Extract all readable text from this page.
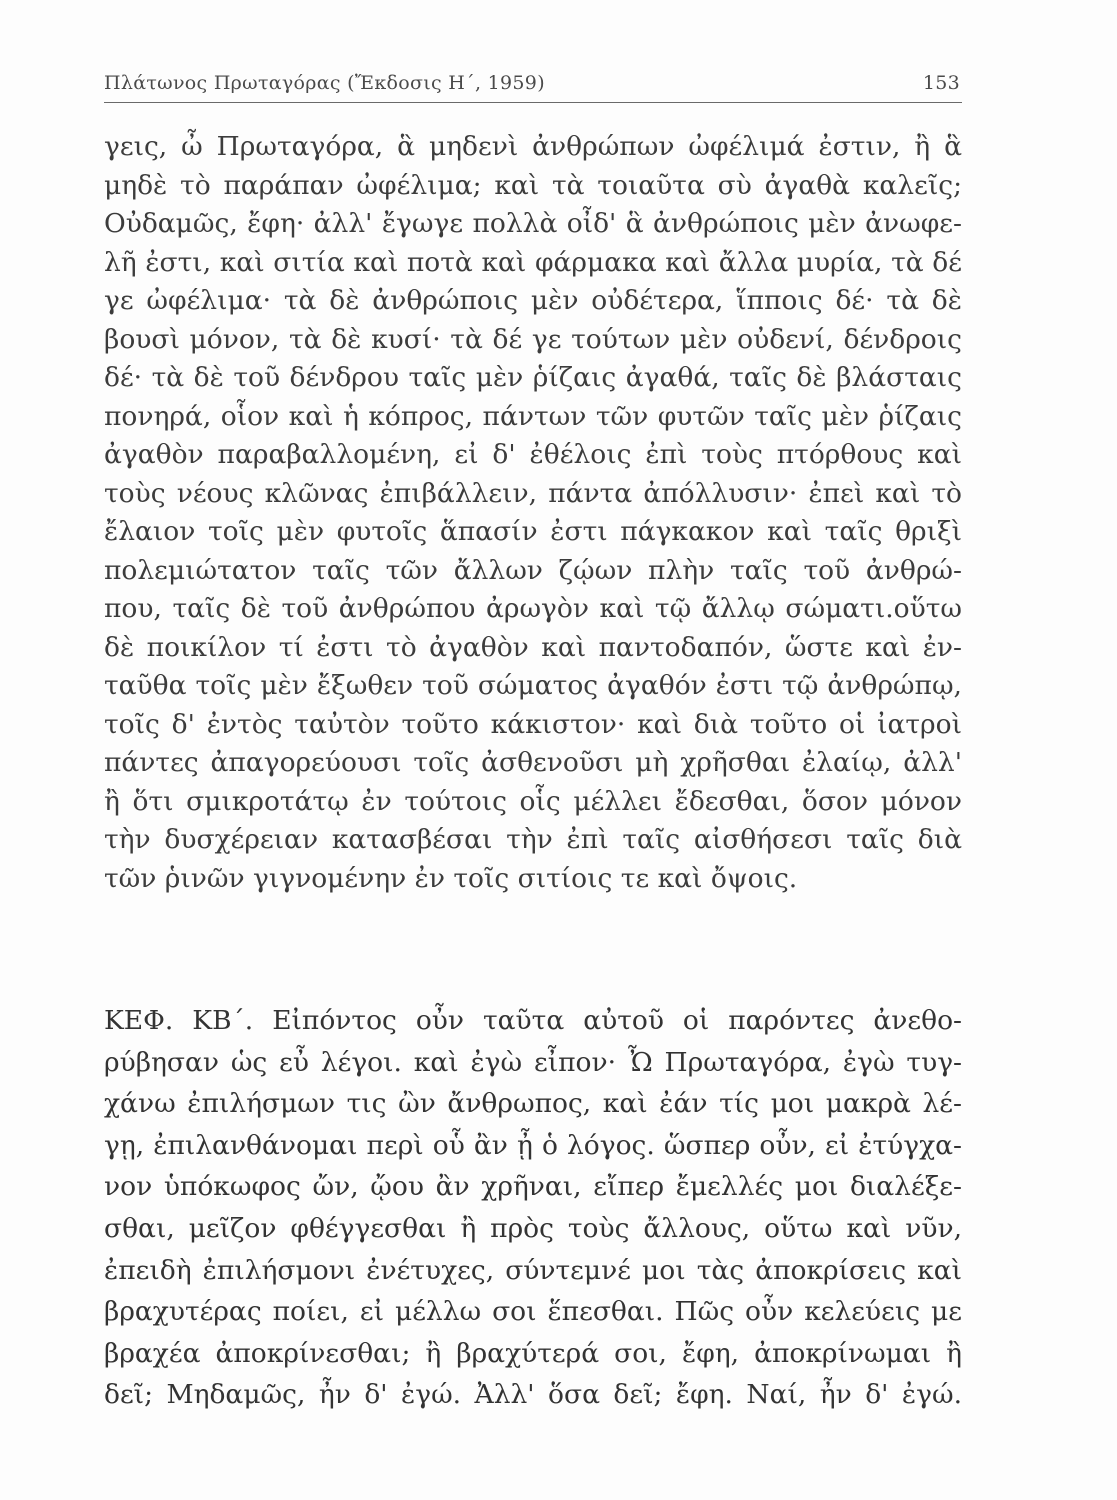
Πλάτωνος Πρωταγόρας (Ἔκδοσις Η΄, 1959)	153
γεις, ὦ Πρωταγόρα, ἃ μηδενὶ ἀνθρώπων ὠφέλιμά ἐστιν, ἢ ἃ
μηδὲ τὸ παράπαν ὠφέλιμα; καὶ τὰ τοιαῦτα σὺ ἀγαθὰ καλεῖς;
Οὐδαμῶς, ἔφη· ἀλλ' ἔγωγε πολλὰ οἶδ' ἃ ἀνθρώποις μὲν ἀνωφε-
λῆ ἐστι, καὶ σιτία καὶ ποτὰ καὶ φάρμακα καὶ ἄλλα μυρία, τὰ δέ
γε ὠφέλιμα· τὰ δὲ ἀνθρώποις μὲν οὐδέτερα, ἵπποις δέ· τὰ δὲ
βουσὶ μόνον, τὰ δὲ κυσί· τὰ δέ γε τούτων μὲν οὐδενί, δένδροις
δέ· τὰ δὲ τοῦ δένδρου ταῖς μὲν ῥίζαις ἀγαθά, ταῖς δὲ βλάσταις
πονηρά, οἷον καὶ ἡ κόπρος, πάντων τῶν φυτῶν ταῖς μὲν ῥίζαις
ἀγαθὸν παραβαλλομένη, εἰ δ' ἐθέλοις ἐπὶ τοὺς πτόρθους καὶ
τοὺς νέους κλῶνας ἐπιβάλλειν, πάντα ἀπόλλυσιν· ἐπεὶ καὶ τὸ
ἔλαιον τοῖς μὲν φυτοῖς ἅπασίν ἐστι πάγκακον καὶ ταῖς θριξὶ
πολεμιώτατον ταῖς τῶν ἄλλων ζῴων πλὴν ταῖς τοῦ ἀνθρώ-
που, ταῖς δὲ τοῦ ἀνθρώπου ἀρωγὸν καὶ τῷ ἄλλῳ σώματι.οὕτω
δὲ ποικίλον τί ἐστι τὸ ἀγαθὸν καὶ παντοδαπόν, ὥστε καὶ ἐν-
ταῦθα τοῖς μὲν ἔξωθεν τοῦ σώματος ἀγαθόν ἐστι τῷ ἀνθρώπῳ,
τοῖς δ' ἐντὸς ταὐτὸν τοῦτο κάκιστον· καὶ διὰ τοῦτο οἱ ἰατροὶ
πάντες ἀπαγορεύουσι τοῖς ἀσθενοῦσι μὴ χρῆσθαι ἐλαίῳ, ἀλλ'
ἢ ὅτι σμικροτάτῳ ἐν τούτοις οἷς μέλλει ἔδεσθαι, ὅσον μόνον
τὴν δυσχέρειαν κατασβέσαι τὴν ἐπὶ ταῖς αἰσθήσεσι ταῖς διὰ
τῶν ῥινῶν γιγνομένην ἐν τοῖς σιτίοις τε καὶ ὄψοις.
ΚΕΦ. ΚΒ΄. Εἰπόντος οὖν ταῦτα αὐτοῦ οἱ παρόντες ἀνεθο-
ρύβησαν ὡς εὖ λέγοι. καὶ ἐγὼ εἶπον· Ὦ Πρωταγόρα, ἐγὼ τυγ-
χάνω ἐπιλήσμων τις ὢν ἄνθρωπος, καὶ ἐάν τίς μοι μακρὰ λέ-
γῃ, ἐπιλανθάνομαι περὶ οὗ ἂν ᾖ ὁ λόγος. ὥσπερ οὖν, εἰ ἐτύγχα-
νον ὑπόκωφος ὤν, ᾤου ἂν χρῆναι, εἴπερ ἔμελλές μοι διαλέξε-
σθαι, μεῖζον φθέγγεσθαι ἢ πρὸς τοὺς ἄλλους, οὕτω καὶ νῦν,
ἐπειδὴ ἐπιλήσμονι ἐνέτυχες, σύντεμνέ μοι τὰς ἀποκρίσεις καὶ
βραχυτέρας ποίει, εἰ μέλλω σοι ἕπεσθαι. Πῶς οὖν κελεύεις με
βραχέα ἀποκρίνεσθαι; ἢ βραχύτερά σοι, ἔφη, ἀποκρίνωμαι ἢ
δεῖ; Μηδαμῶς, ἦν δ' ἐγώ. Ἀλλ' ὅσα δεῖ; ἔφη. Ναί, ἦν δ' ἐγώ.
